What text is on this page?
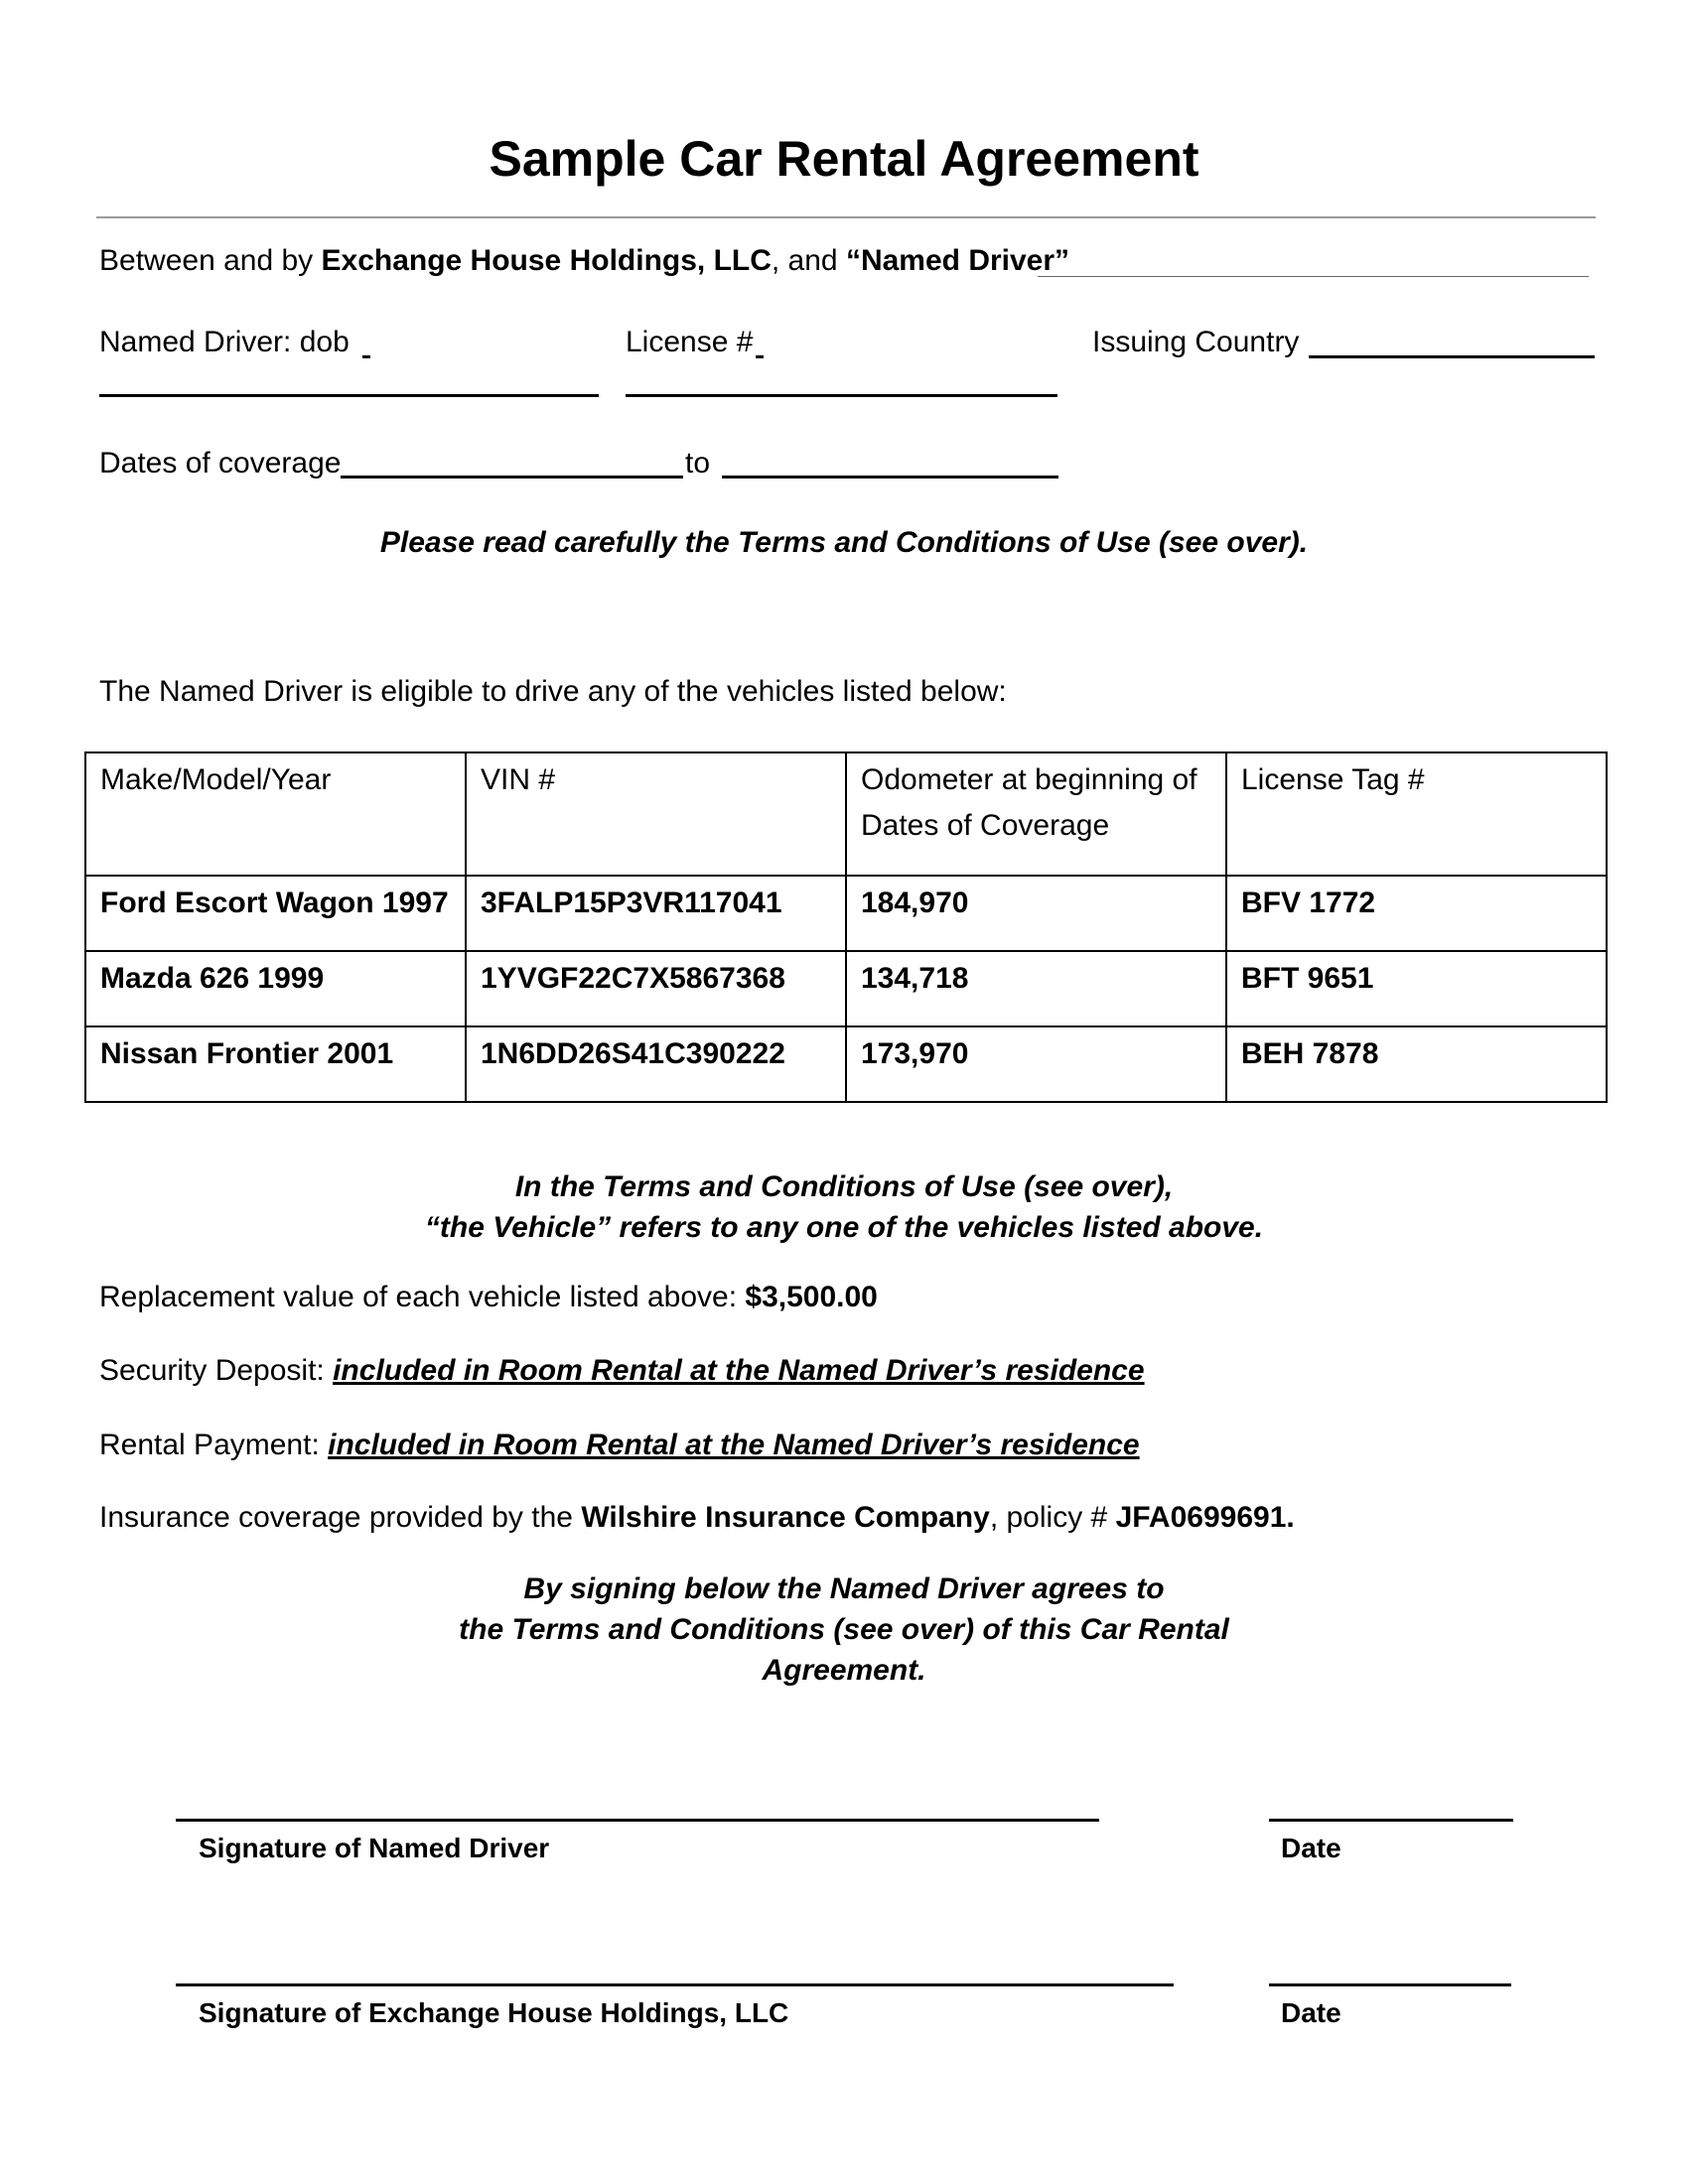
Sample Car Rental Agreement
Between and by Exchange House Holdings, LLC, and “Named Driver”
Named Driver: dob	License #	Issuing Country
Dates of coverage	to
Please read carefully the Terms and Conditions of Use (see over).
The Named Driver is eligible to drive any of the vehicles listed below:
Make/Model/Year	VIN #	Odometer at beginning of Dates of Coverage	License Tag #
Ford Escort Wagon 1997	3FALP15P3VR117041	184,970	BFV 1772
Mazda 626 1999	1YVGF22C7X5867368	134,718	BFT 9651
Nissan Frontier 2001	1N6DD26S41C390222	173,970	BEH 7878
In the Terms and Conditions of Use (see over),
“the Vehicle” refers to any one of the vehicles listed above.
Replacement value of each vehicle listed above: $3,500.00
Security Deposit: included in Room Rental at the Named Driver’s residence
Rental Payment: included in Room Rental at the Named Driver’s residence
Insurance coverage provided by the Wilshire Insurance Company, policy # JFA0699691.
By signing below the Named Driver agrees to
the Terms and Conditions (see over) of this Car Rental
Agreement.
Signature of Named Driver	Date
Signature of Exchange House Holdings, LLC	Date
